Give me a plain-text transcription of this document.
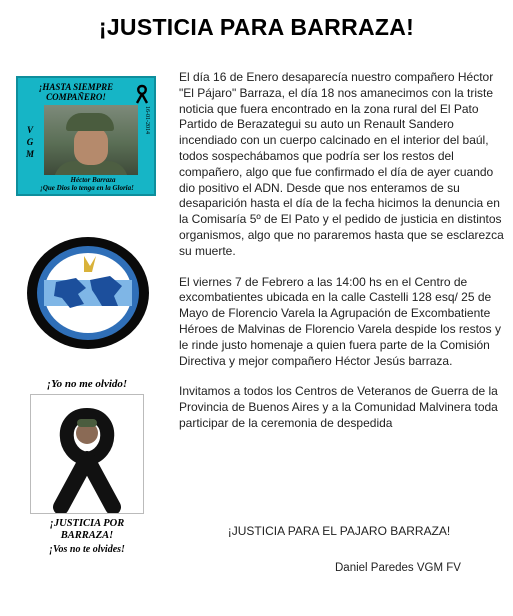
¡JUSTICIA PARA BARRAZA!
¡HASTA SIEMPRE
COMPAÑERO!
V
G
M
16-01-2014
Héctor Barraza
¡Que Dios lo tenga en la Gloria!
¡Yo no me olvido!
¡JUSTICIA POR
BARRAZA!
¡Vos no te olvides!

El día 16 de Enero desaparecía nuestro compañero Héctor "El Pájaro" Barraza, el día 18 nos amanecimos con la triste noticia que fuera encontrado en la zona rural del El Pato Partido de Berazategui su auto un Renault Sandero incendiado con un cuerpo calcinado en el interior del baúl, todos sospechábamos que podría ser los restos del compañero, algo que fue confirmado el día de ayer cuando dio positivo el ADN. Desde que nos enteramos de su desaparición hasta el día de la fecha hicimos la denuncia en la Comisaría 5º de El Pato y el pedido de justicia en distintos organismos, algo que no pararemos hasta que se esclarezca su muerte.

El viernes 7 de Febrero a las 14:00 hs en el Centro de excombatientes ubicada en la calle Castelli 128 esq/ 25 de Mayo de Florencio Varela la Agrupación de Excombatiente Héroes de Malvinas de Florencio Varela despide los restos y le rinde justo homenaje a quien fuera parte de la Comisión Directiva y mejor compañero Héctor Jesús barraza.

Invitamos a todos los Centros de Veteranos de Guerra de la Provincia de Buenos Aires y a la Comunidad Malvinera toda participar de la ceremonia de despedida

¡JUSTICIA PARA EL PAJARO BARRAZA!
Daniel Paredes VGM FV
